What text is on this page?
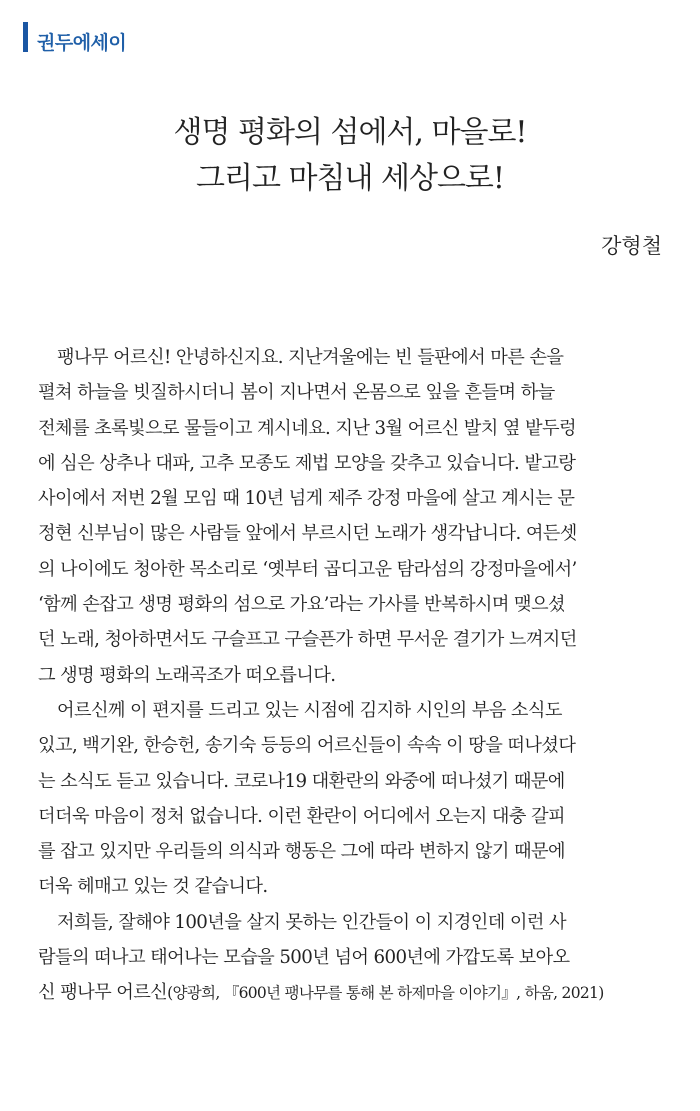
권두에세이
생명 평화의 섬에서, 마을로!
그리고 마침내 세상으로!
강형철
팽나무 어르신! 안녕하신지요. 지난겨울에는 빈 들판에서 마른 손을
펼쳐 하늘을 빗질하시더니 봄이 지나면서 온몸으로 잎을 흔들며 하늘
전체를 초록빛으로 물들이고 계시네요. 지난 3월 어르신 발치 옆 밭두렁
에 심은 상추나 대파, 고추 모종도 제법 모양을 갖추고 있습니다. 밭고랑
사이에서 저번 2월 모임 때 10년 넘게 제주 강정 마을에 살고 계시는 문
정현 신부님이 많은 사람들 앞에서 부르시던 노래가 생각납니다. 여든셋
의 나이에도 청아한 목소리로 ‘옛부터 곱디고운 탐라섬의 강정마을에서’
‘함께 손잡고 생명 평화의 섬으로 가요’라는 가사를 반복하시며 맺으셨
던 노래, 청아하면서도 구슬프고 구슬픈가 하면 무서운 결기가 느껴지던
그 생명 평화의 노래곡조가 떠오릅니다.
어르신께 이 편지를 드리고 있는 시점에 김지하 시인의 부음 소식도
있고, 백기완, 한승헌, 송기숙 등등의 어르신들이 속속 이 땅을 떠나셨다
는 소식도 듣고 있습니다. 코로나19 대환란의 와중에 떠나셨기 때문에
더더욱 마음이 정처 없습니다. 이런 환란이 어디에서 오는지 대충 갈피
를 잡고 있지만 우리들의 의식과 행동은 그에 따라 변하지 않기 때문에
더욱 헤매고 있는 것 같습니다.
저희들, 잘해야 100년을 살지 못하는 인간들이 이 지경인데 이런 사
람들의 떠나고 태어나는 모습을 500년 넘어 600년에 가깝도록 보아오
신 팽나무 어르신(양광희, 『600년 팽나무를 통해 본 하제마을 이야기』, 하움, 2021)
